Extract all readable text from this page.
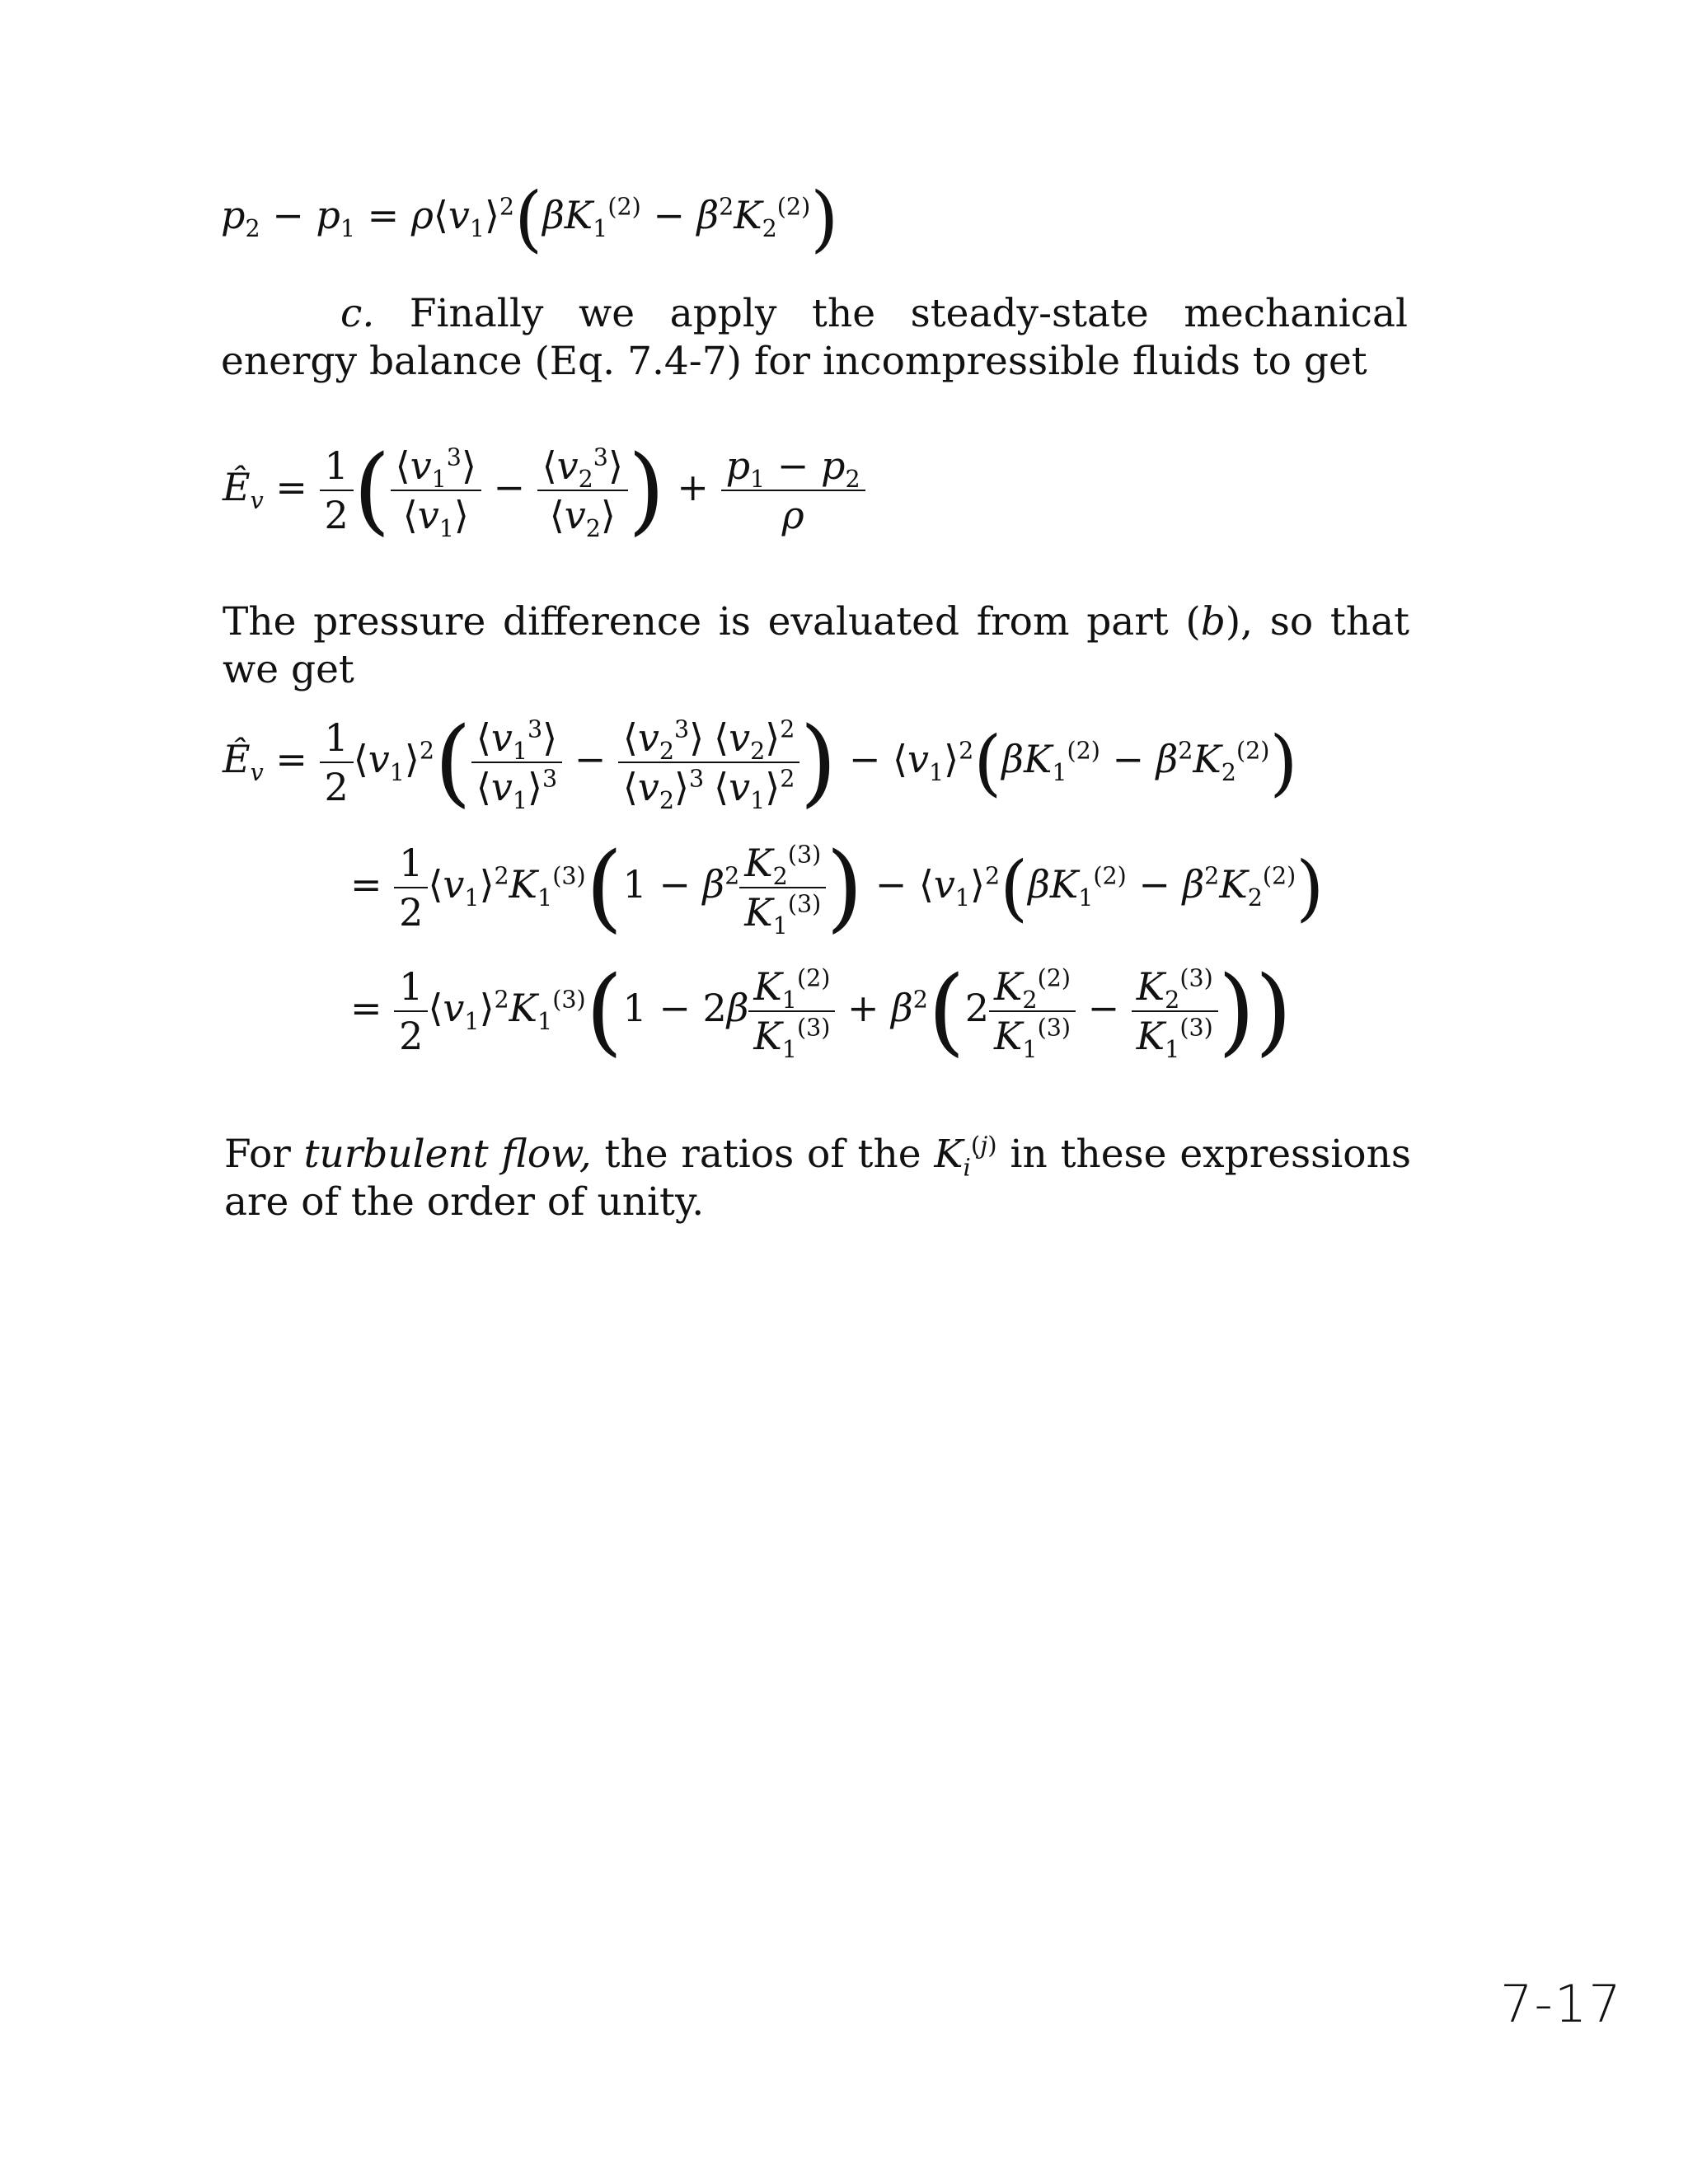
$p_2 - p_1$ = $\rho⟨v_1⟩^2(\beta K_1^{(2)} - \beta^2K_2^{(2)})$

c. Finally we apply the steady-state mechanical energy balance (Eq. 7.4-7) for incompressible fluids to get

$Ê_v = \frac{1}{2}$ ( $\frac{⟨v_1^3⟩}{⟨v_1⟩} - \frac{⟨v_2^3⟩}{⟨v_2⟩}$ ) + $\frac{p_1 - p_2}{\rho}$

The pressure difference is evaluated from part (b), so that we get

$Ê_v = \frac{1}{2}$ $⟨v_1⟩^2( \frac{⟨v_1^3⟩}{⟨v_1⟩^3} - \frac{⟨v_2^3⟩}{⟨v_2⟩^3} \frac{⟨v_2⟩^2}{⟨v_1⟩^2}$ ) − $⟨v_1⟩^2(\beta K_1^{(2)} - \beta^2K_2^{(2)})$
= $\frac{1}{2}$ $⟨v_1⟩^2K_1^{(3)}(1 - \beta^2 \frac{K_2^{(3)}}{K_1^{(3)}}$ ) − $⟨v_1⟩^2(\beta K_1^{(2)} - \beta^2K_2^{(2)})$
= $\frac{1}{2}$ $⟨v_1⟩^2K_1^{(3)}(1 - 2\beta \frac{K_1^{(2)}}{K_1^{(3)}} + \beta^2(2 \frac{K_2^{(2)}}{K_1^{(3)}} - \frac{K_2^{(3)}}{K_1^{(3)}}$ ))

For turbulent flow, the ratios of the $K_i^{(j)}$ in these expressions are of the order of unity.

7-17
